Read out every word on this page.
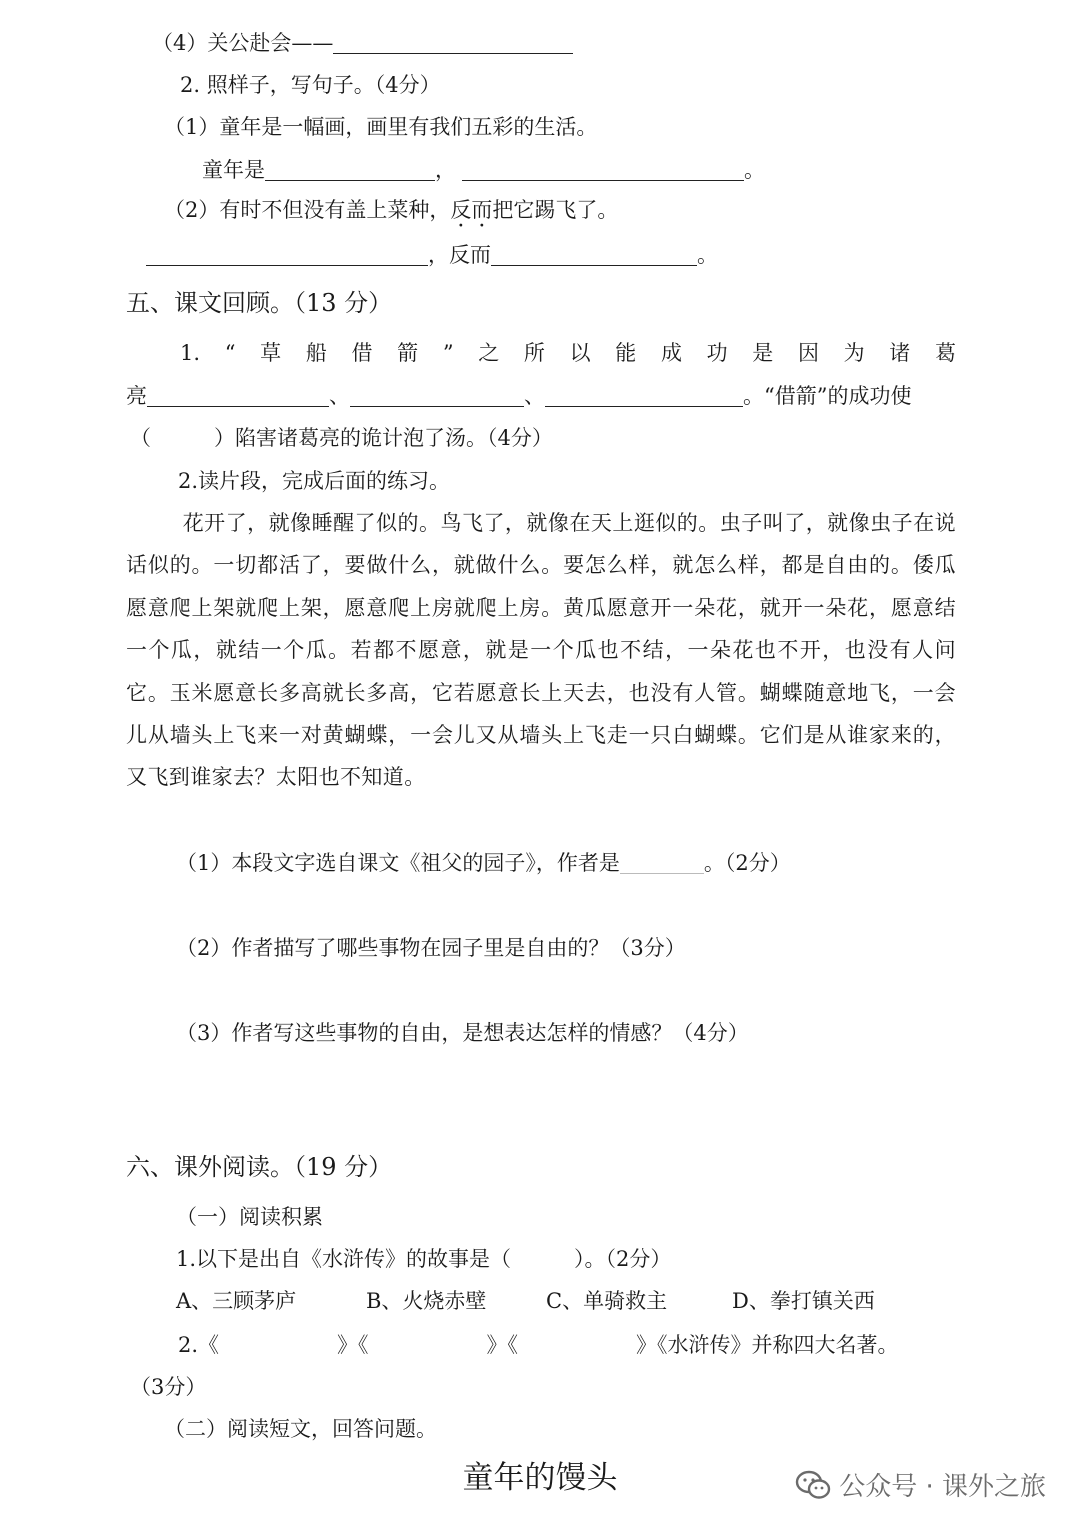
（4）关公赴会——
2. 照样子，写句子。（4分）
（1）童年是一幅画，画里有我们五彩的生活。
童年是	，	。
（2）有时不但没有盖上菜种，反而把它踢飞了。
，反而	。
五、课文回顾。（13 分）
1. “ 草 船 借 箭 ” 之 所 以 能 成 功 是 因 为 诸 葛
亮	、	、	。“借箭”的成功使
（　　　）陷害诸葛亮的诡计泡了汤。（4分）
2.读片段，完成后面的练习。
花开了，就像睡醒了似的。鸟飞了，就像在天上逛似的。虫子叫了，就像虫子在说话似的。一切都活了，要做什么，就做什么。要怎么样，就怎么样，都是自由的。倭瓜愿意爬上架就爬上架，愿意爬上房就爬上房。黄瓜愿意开一朵花，就开一朵花，愿意结一个瓜，就结一个瓜。若都不愿意，就是一个瓜也不结，一朵花也不开，也没有人问它。玉米愿意长多高就长多高，它若愿意长上天去，也没有人管。蝴蝶随意地飞，一会儿从墙头上飞来一对黄蝴蝶，一会儿又从墙头上飞走一只白蝴蝶。它们是从谁家来的，又飞到谁家去？太阳也不知道。
（1）本段文字选自课文《祖父的园子》，作者是	。（2分）
（2）作者描写了哪些事物在园子里是自由的？（3分）
（3）作者写这些事物的自由，是想表达怎样的情感？（4分）
六、课外阅读。（19 分）
（一）阅读积累
1.以下是出自《水浒传》的故事是（　　　）。（2分）
A、三顾茅庐	B、火烧赤壁	C、单骑救主	D、拳打镇关西
2.《	》《	》《	》《水浒传》并称四大名著。
（3分）
（二）阅读短文，回答问题。
童年的馒头	公众号 · 课外之旅
